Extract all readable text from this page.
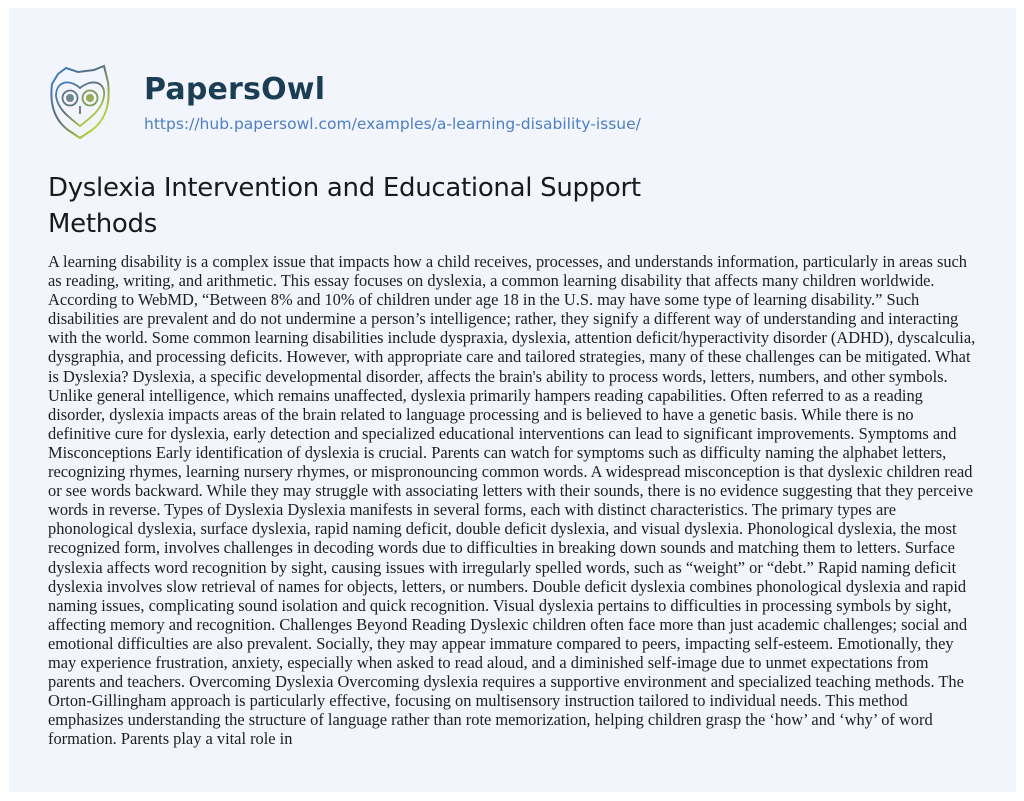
PapersOwl
https://hub.papersowl.com/examples/a-learning-disability-issue/
Dyslexia Intervention and Educational Support Methods

A learning disability is a complex issue that impacts how a child receives, processes, and understands information, particularly in areas such as reading, writing, and arithmetic. This essay focuses on dyslexia, a common learning disability that affects many children worldwide. According to WebMD, “Between 8% and 10% of children under age 18 in the U.S. may have some type of learning disability.” Such disabilities are prevalent and do not undermine a person’s intelligence; rather, they signify a different way of understanding and interacting with the world. Some common learning disabilities include dyspraxia, dyslexia, attention deficit/hyperactivity disorder (ADHD), dyscalculia, dysgraphia, and processing deficits. However, with appropriate care and tailored strategies, many of these challenges can be mitigated. What is Dyslexia? Dyslexia, a specific developmental disorder, affects the brain's ability to process words, letters, numbers, and other symbols. Unlike general intelligence, which remains unaffected, dyslexia primarily hampers reading capabilities. Often referred to as a reading disorder, dyslexia impacts areas of the brain related to language processing and is believed to have a genetic basis. While there is no definitive cure for dyslexia, early detection and specialized educational interventions can lead to significant improvements. Symptoms and Misconceptions Early identification of dyslexia is crucial. Parents can watch for symptoms such as difficulty naming the alphabet letters, recognizing rhymes, learning nursery rhymes, or mispronouncing common words. A widespread misconception is that dyslexic children read or see words backward. While they may struggle with associating letters with their sounds, there is no evidence suggesting that they perceive words in reverse. Types of Dyslexia Dyslexia manifests in several forms, each with distinct characteristics. The primary types are phonological dyslexia, surface dyslexia, rapid naming deficit, double deficit dyslexia, and visual dyslexia. Phonological dyslexia, the most recognized form, involves challenges in decoding words due to difficulties in breaking down sounds and matching them to letters. Surface dyslexia affects word recognition by sight, causing issues with irregularly spelled words, such as “weight” or “debt.” Rapid naming deficit dyslexia involves slow retrieval of names for objects, letters, or numbers. Double deficit dyslexia combines phonological dyslexia and rapid naming issues, complicating sound isolation and quick recognition. Visual dyslexia pertains to difficulties in processing symbols by sight, affecting memory and recognition. Challenges Beyond Reading Dyslexic children often face more than just academic challenges; social and emotional difficulties are also prevalent. Socially, they may appear immature compared to peers, impacting self-esteem. Emotionally, they may experience frustration, anxiety, especially when asked to read aloud, and a diminished self-image due to unmet expectations from parents and teachers. Overcoming Dyslexia Overcoming dyslexia requires a supportive environment and specialized teaching methods. The Orton-Gillingham approach is particularly effective, focusing on multisensory instruction tailored to individual needs. This method emphasizes understanding the structure of language rather than rote memorization, helping children grasp the ‘how’ and ‘why’ of word formation. Parents play a vital role in
